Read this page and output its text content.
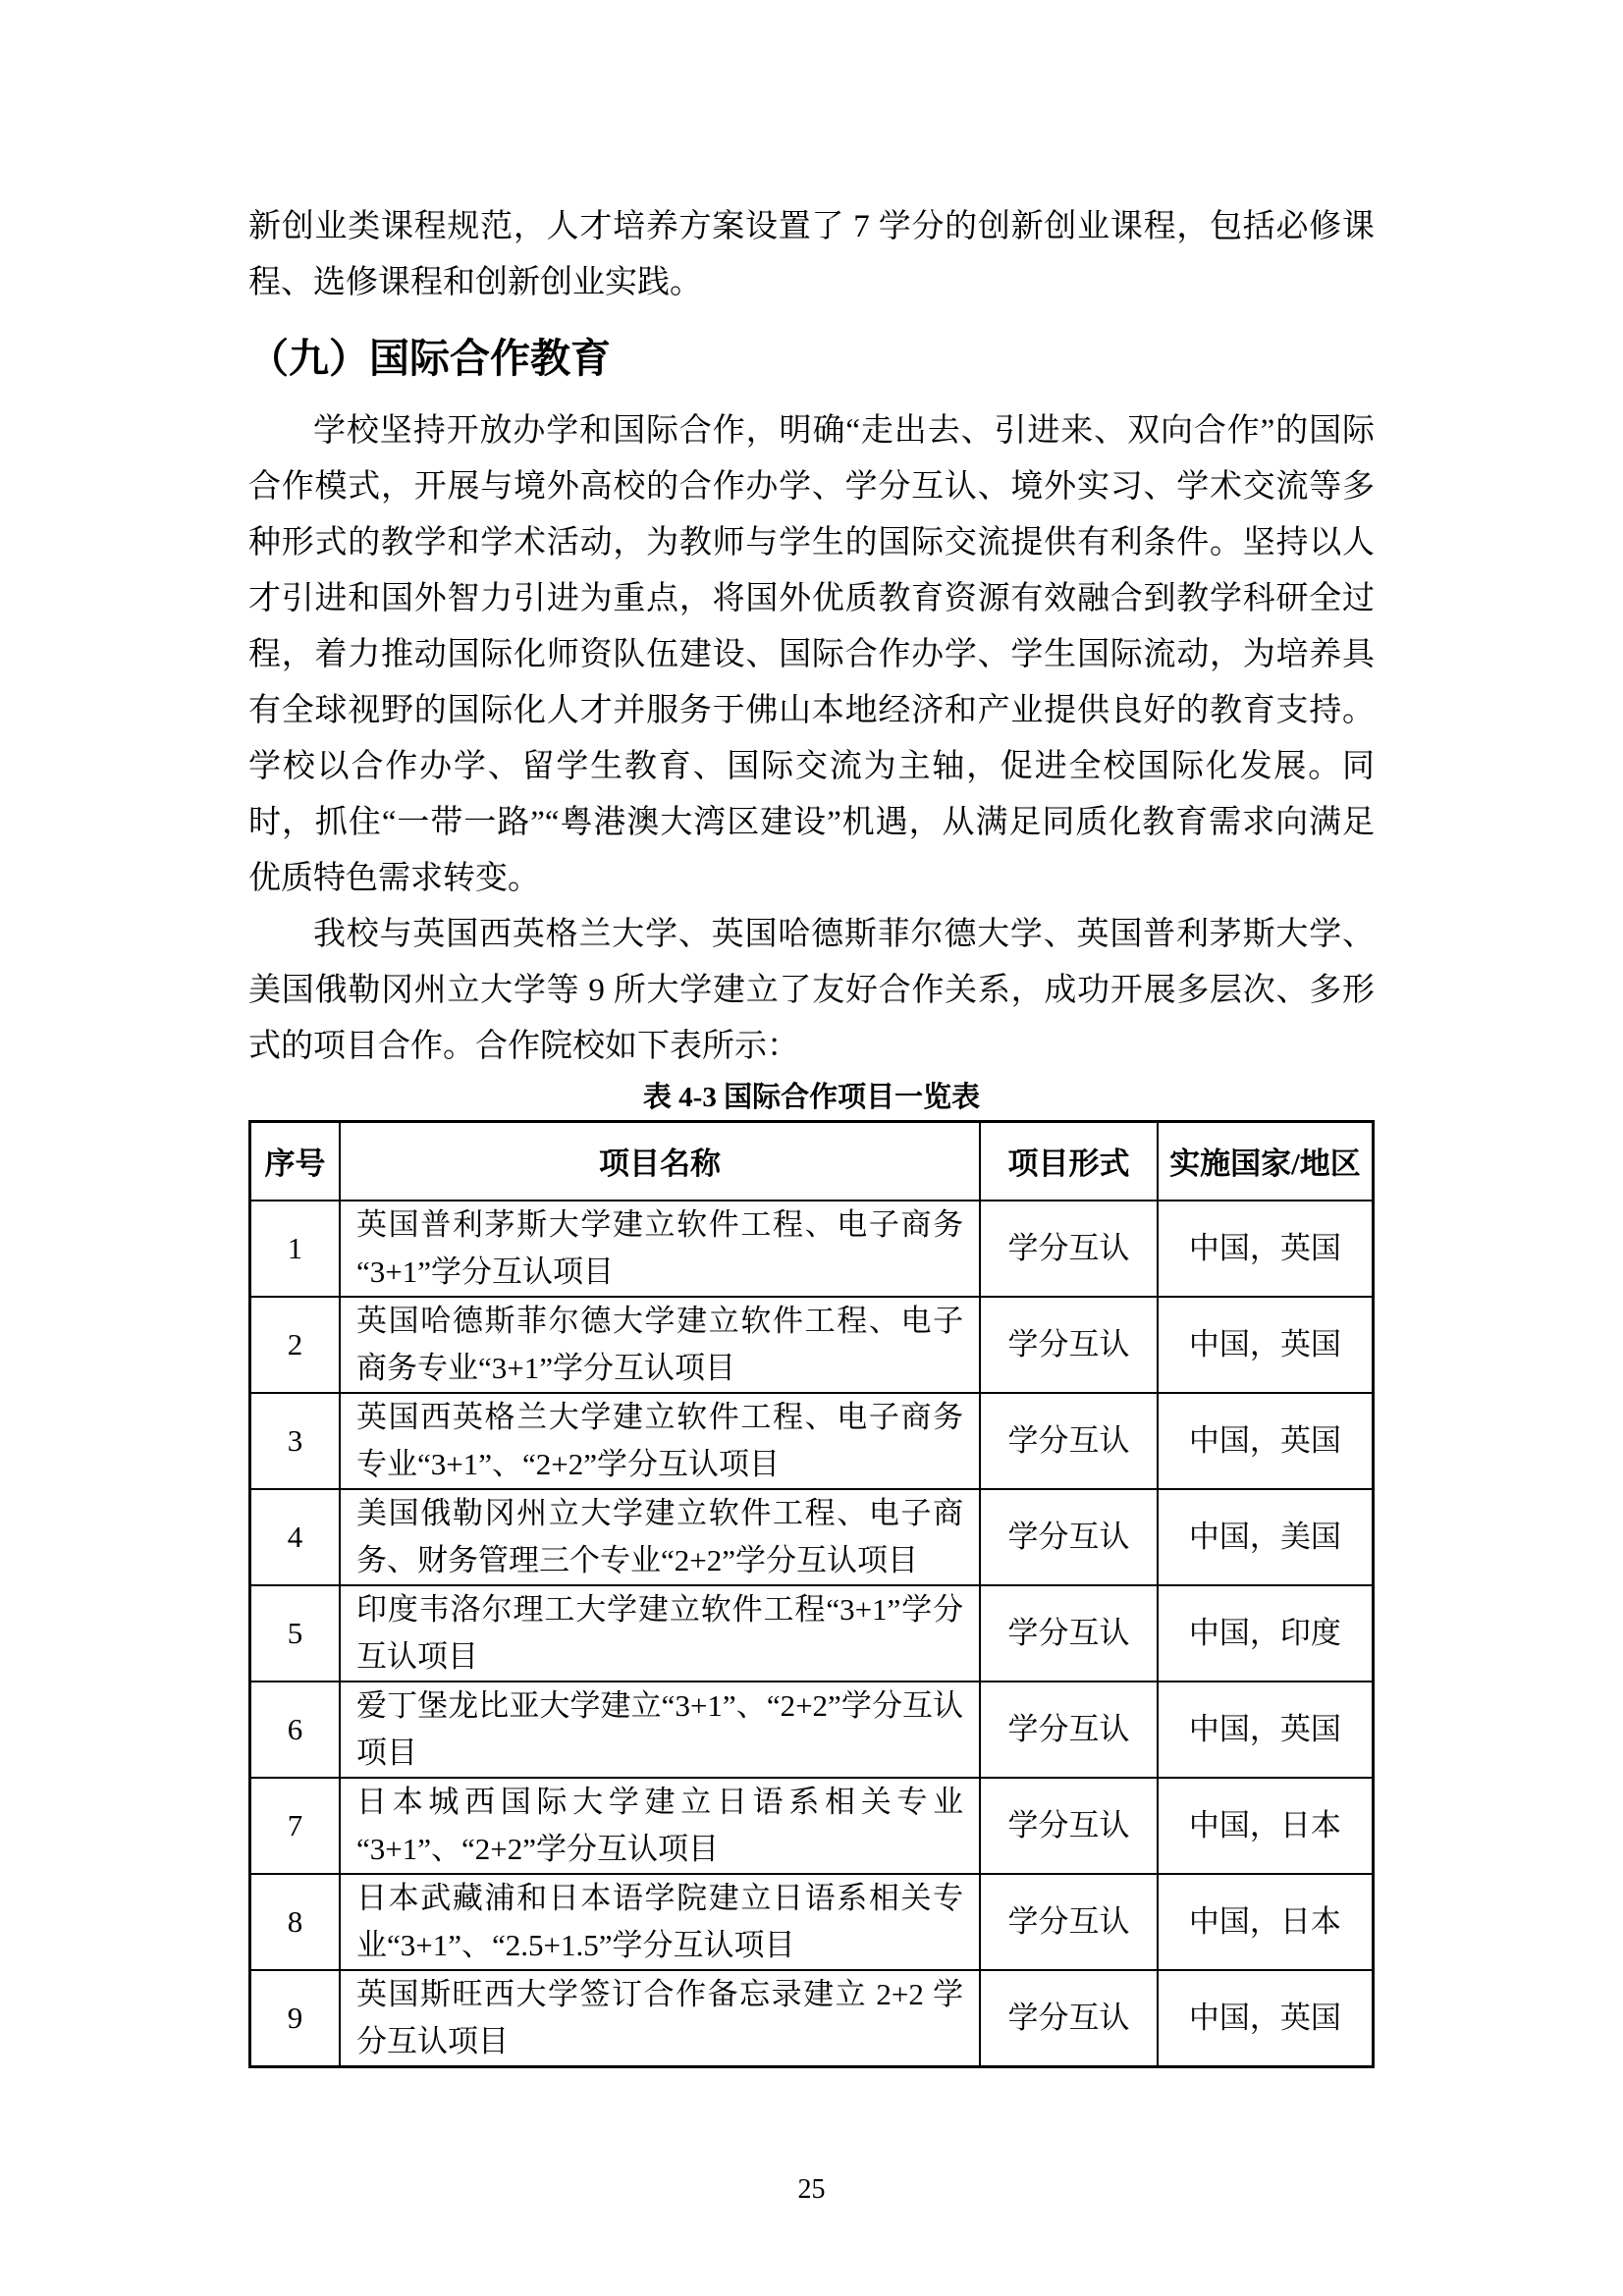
新创业类课程规范，人才培养方案设置了 7 学分的创新创业课程，包括必修课程、选修课程和创新创业实践。

（九）国际合作教育

学校坚持开放办学和国际合作，明确“走出去、引进来、双向合作”的国际合作模式，开展与境外高校的合作办学、学分互认、境外实习、学术交流等多种形式的教学和学术活动，为教师与学生的国际交流提供有利条件。坚持以人才引进和国外智力引进为重点，将国外优质教育资源有效融合到教学科研全过程，着力推动国际化师资队伍建设、国际合作办学、学生国际流动，为培养具有全球视野的国际化人才并服务于佛山本地经济和产业提供良好的教育支持。学校以合作办学、留学生教育、国际交流为主轴，促进全校国际化发展。同时，抓住“一带一路”“粤港澳大湾区建设”机遇，从满足同质化教育需求向满足优质特色需求转变。

我校与英国西英格兰大学、英国哈德斯菲尔德大学、英国普利茅斯大学、美国俄勒冈州立大学等 9 所大学建立了友好合作关系，成功开展多层次、多形式的项目合作。合作院校如下表所示：

表 4-3 国际合作项目一览表
序号	项目名称	项目形式	实施国家/地区
1	英国普利茅斯大学建立软件工程、电子商务“3+1”学分互认项目	学分互认	中国，英国
2	英国哈德斯菲尔德大学建立软件工程、电子商务专业“3+1”学分互认项目	学分互认	中国，英国
3	英国西英格兰大学建立软件工程、电子商务专业“3+1”、“2+2”学分互认项目	学分互认	中国，英国
4	美国俄勒冈州立大学建立软件工程、电子商务、财务管理三个专业“2+2”学分互认项目	学分互认	中国，美国
5	印度韦洛尔理工大学建立软件工程“3+1”学分互认项目	学分互认	中国，印度
6	爱丁堡龙比亚大学建立“3+1”、“2+2”学分互认项目	学分互认	中国，英国
7	日本城西国际大学建立日语系相关专业“3+1”、“2+2”学分互认项目	学分互认	中国，日本
8	日本武藏浦和日本语学院建立日语系相关专业“3+1”、“2.5+1.5”学分互认项目	学分互认	中国，日本
9	英国斯旺西大学签订合作备忘录建立 2+2 学分互认项目	学分互认	中国，英国
25
